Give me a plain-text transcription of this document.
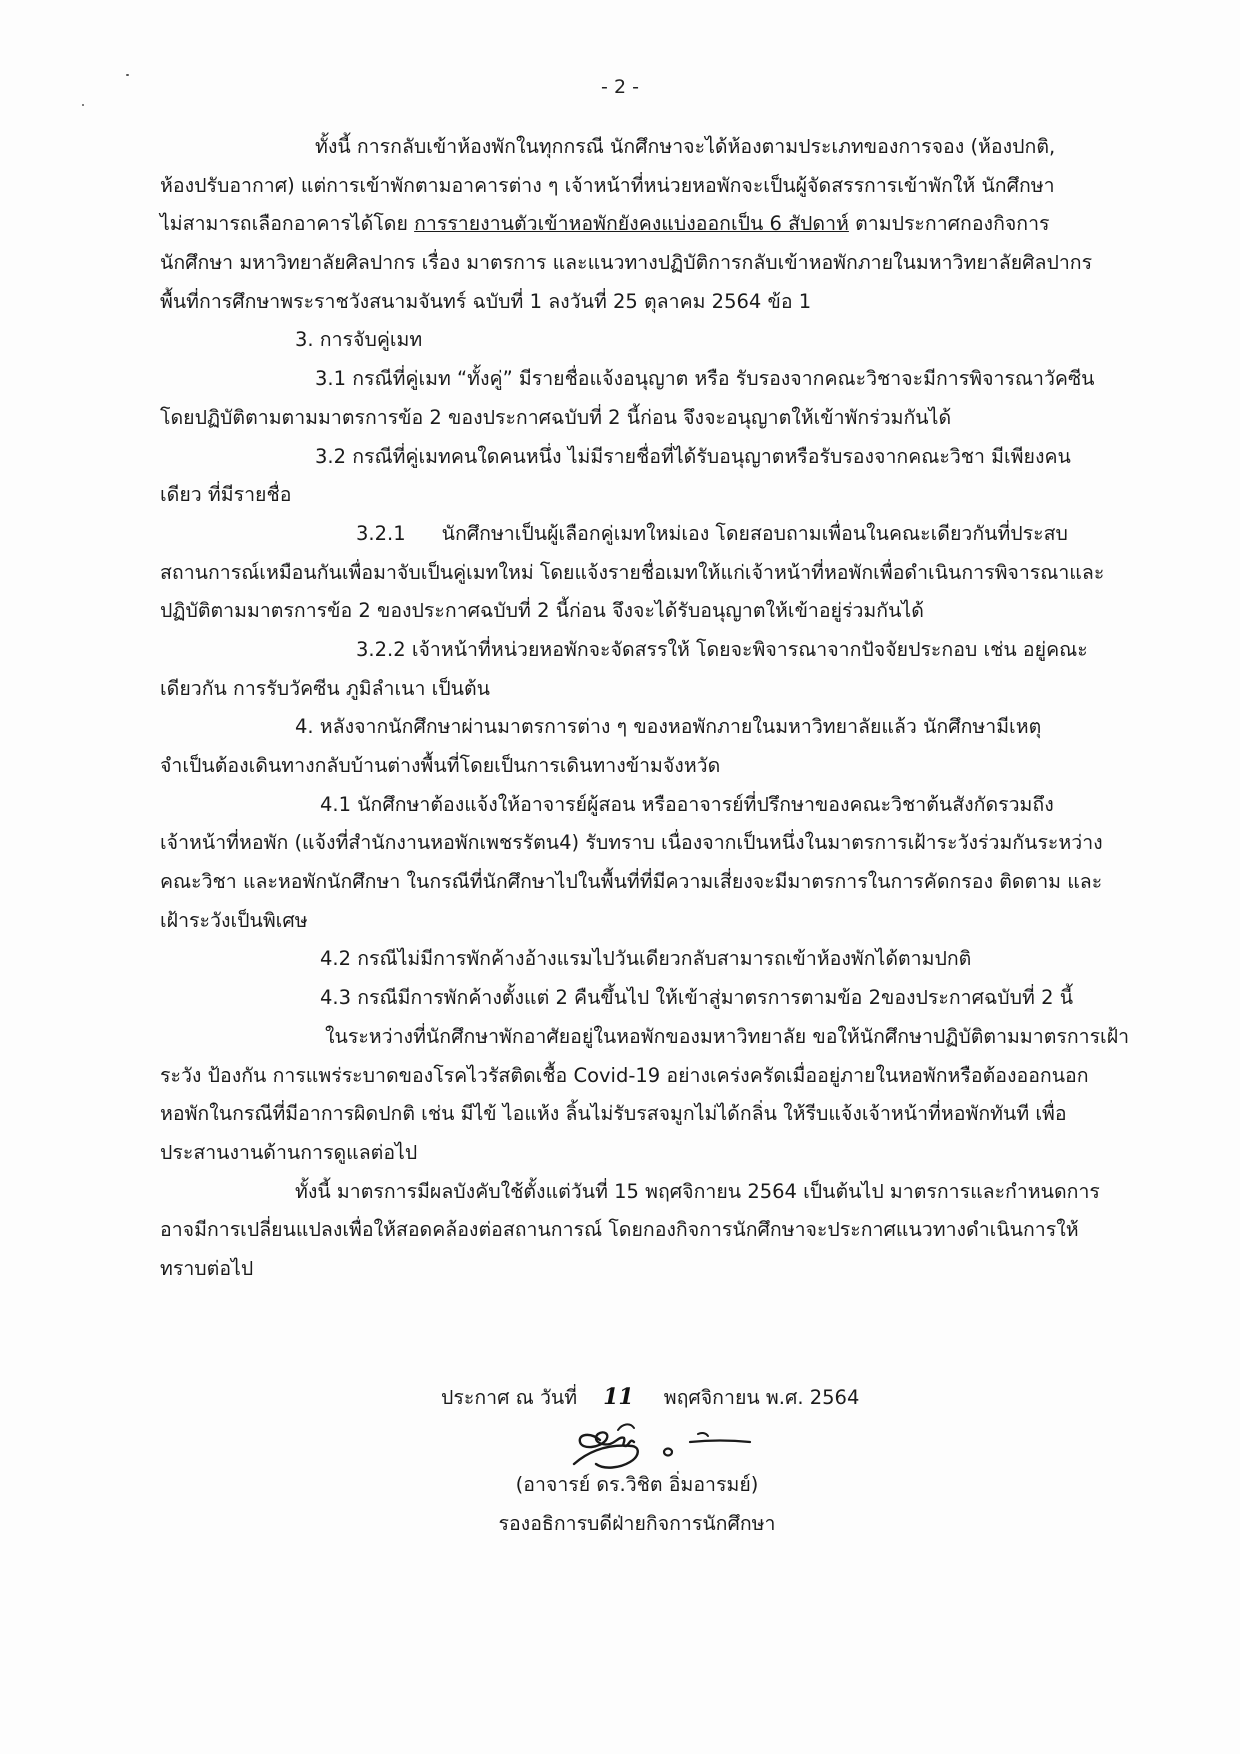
- 2 -
ทั้งนี้ การกลับเข้าห้องพักในทุกกรณี นักศึกษาจะได้ห้องตามประเภทของการจอง (ห้องปกติ,
ห้องปรับอากาศ) แต่การเข้าพักตามอาคารต่าง ๆ เจ้าหน้าที่หน่วยหอพักจะเป็นผู้จัดสรรการเข้าพักให้ นักศึกษา
ไม่สามารถเลือกอาคารได้โดย การรายงานตัวเข้าหอพักยังคงแบ่งออกเป็น 6 สัปดาห์ ตามประกาศกองกิจการ
นักศึกษา มหาวิทยาลัยศิลปากร เรื่อง มาตรการ และแนวทางปฏิบัติการกลับเข้าหอพักภายในมหาวิทยาลัยศิลปากร
พื้นที่การศึกษาพระราชวังสนามจันทร์ ฉบับที่ 1 ลงวันที่ 25 ตุลาคม 2564 ข้อ 1
3. การจับคู่เมท
3.1 กรณีที่คู่เมท “ทั้งคู่” มีรายชื่อแจ้งอนุญาต หรือ รับรองจากคณะวิชาจะมีการพิจารณาวัคซีน
โดยปฏิบัติตามตามมาตรการข้อ 2 ของประกาศฉบับที่ 2 นี้ก่อน จึงจะอนุญาตให้เข้าพักร่วมกันได้
3.2 กรณีที่คู่เมทคนใดคนหนึ่ง ไม่มีรายชื่อที่ได้รับอนุญาตหรือรับรองจากคณะวิชา มีเพียงคน
เดียว ที่มีรายชื่อ
3.2.1 นักศึกษาเป็นผู้เลือกคู่เมทใหม่เอง โดยสอบถามเพื่อนในคณะเดียวกันที่ประสบ
สถานการณ์เหมือนกันเพื่อมาจับเป็นคู่เมทใหม่ โดยแจ้งรายชื่อเมทให้แก่เจ้าหน้าที่หอพักเพื่อดำเนินการพิจารณาและ
ปฏิบัติตามมาตรการข้อ 2 ของประกาศฉบับที่ 2 นี้ก่อน จึงจะได้รับอนุญาตให้เข้าอยู่ร่วมกันได้
3.2.2 เจ้าหน้าที่หน่วยหอพักจะจัดสรรให้ โดยจะพิจารณาจากปัจจัยประกอบ เช่น อยู่คณะ
เดียวกัน การรับวัคซีน ภูมิลำเนา เป็นต้น
4. หลังจากนักศึกษาผ่านมาตรการต่าง ๆ ของหอพักภายในมหาวิทยาลัยแล้ว นักศึกษามีเหตุ
จำเป็นต้องเดินทางกลับบ้านต่างพื้นที่โดยเป็นการเดินทางข้ามจังหวัด
4.1 นักศึกษาต้องแจ้งให้อาจารย์ผู้สอน หรืออาจารย์ที่ปรึกษาของคณะวิชาต้นสังกัดรวมถึง
เจ้าหน้าที่หอพัก (แจ้งที่สำนักงานหอพักเพชรรัตน4) รับทราบ เนื่องจากเป็นหนึ่งในมาตรการเฝ้าระวังร่วมกันระหว่าง
คณะวิชา และหอพักนักศึกษา ในกรณีที่นักศึกษาไปในพื้นที่ที่มีความเสี่ยงจะมีมาตรการในการคัดกรอง ติดตาม และ
เฝ้าระวังเป็นพิเศษ
4.2 กรณีไม่มีการพักค้างอ้างแรมไปวันเดียวกลับสามารถเข้าห้องพักได้ตามปกติ
4.3 กรณีมีการพักค้างตั้งแต่ 2 คืนขึ้นไป ให้เข้าสู่มาตรการตามข้อ 2ของประกาศฉบับที่ 2 นี้
ในระหว่างที่นักศึกษาพักอาศัยอยู่ในหอพักของมหาวิทยาลัย ขอให้นักศึกษาปฏิบัติตามมาตรการเฝ้า
ระวัง ป้องกัน การแพร่ระบาดของโรคไวรัสติดเชื้อ Covid-19 อย่างเคร่งครัดเมื่ออยู่ภายในหอพักหรือต้องออกนอก
หอพักในกรณีที่มีอาการผิดปกติ เช่น มีไข้ ไอแห้ง ลิ้นไม่รับรสจมูกไม่ได้กลิ่น ให้รีบแจ้งเจ้าหน้าที่หอพักทันที เพื่อ
ประสานงานด้านการดูแลต่อไป
ทั้งนี้ มาตรการมีผลบังคับใช้ตั้งแต่วันที่ 15 พฤศจิกายน 2564 เป็นต้นไป มาตรการและกำหนดการ
อาจมีการเปลี่ยนแปลงเพื่อให้สอดคล้องต่อสถานการณ์ โดยกองกิจการนักศึกษาจะประกาศแนวทางดำเนินการให้
ทราบต่อไป
ประกาศ ณ วันที่ 11 พฤศจิกายน พ.ศ. 2564
(อาจารย์ ดร.วิชิต อิ่มอารมย์)
รองอธิการบดีฝ่ายกิจการนักศึกษา
